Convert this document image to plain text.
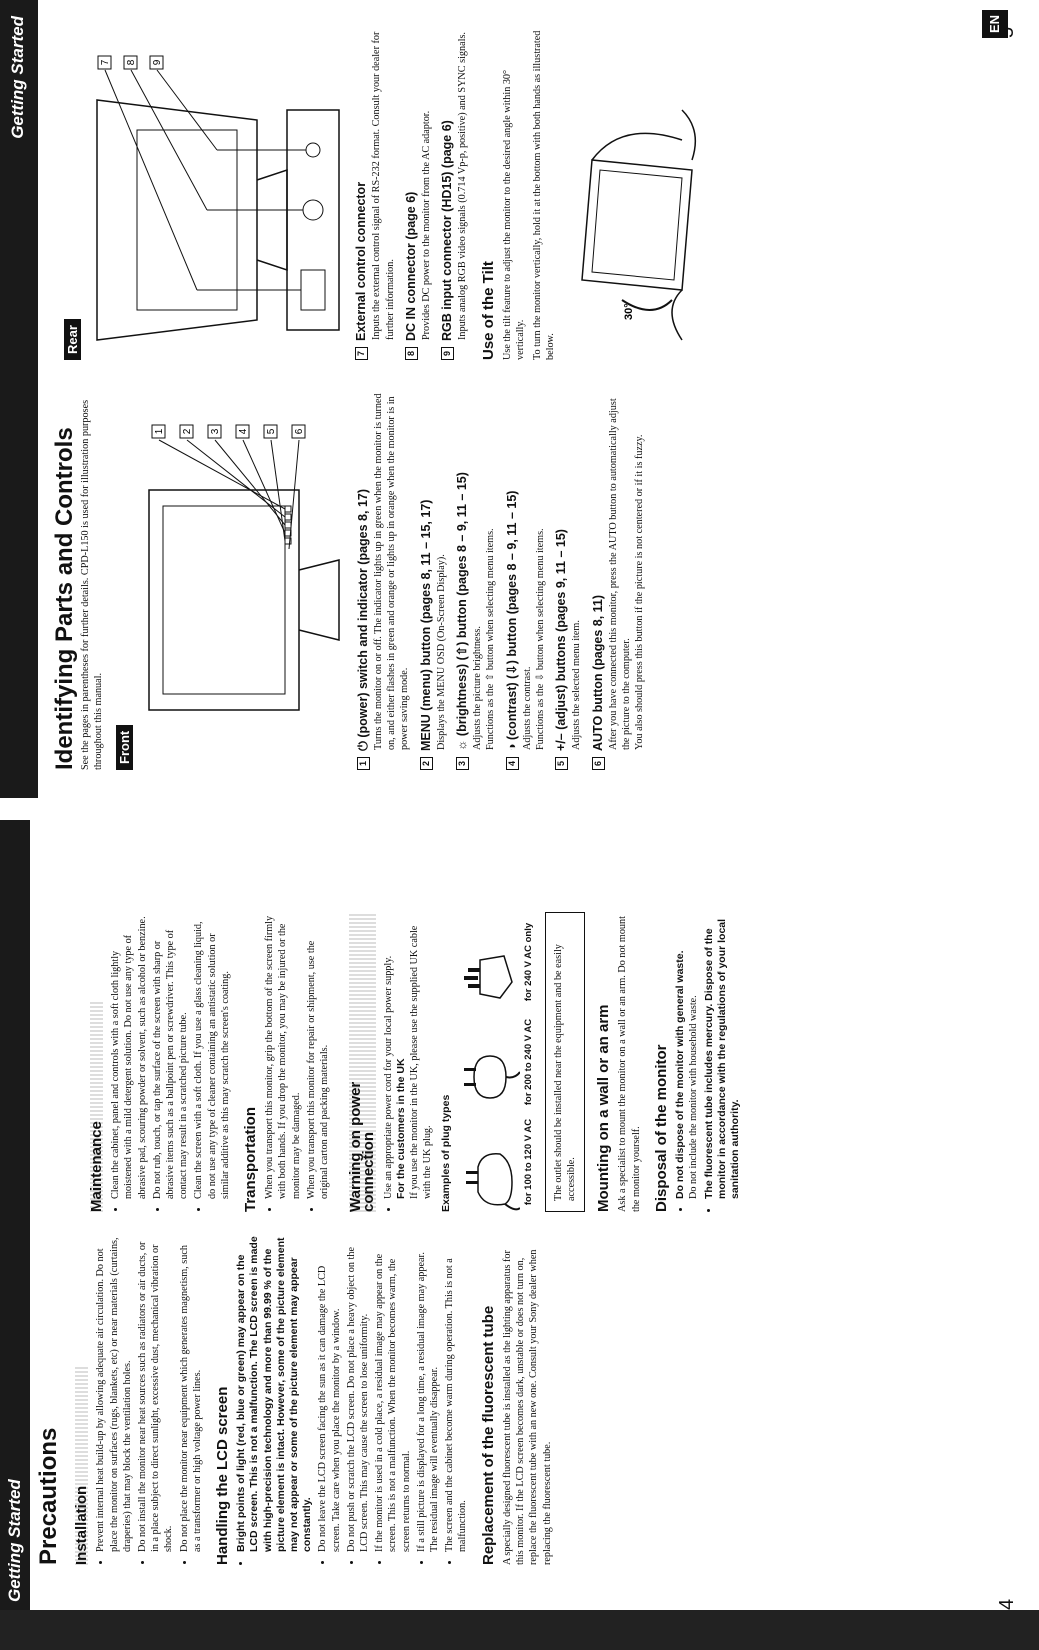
Getting Started
Getting Started	EN
4
5
Precautions Installation • Prevent internal heat build-up by allowing adequate air circulation. Do not place the monitor on surfaces (rugs, blankets, etc) or near materials (curtains, draperies) that may block the ventilation holes. • Do not install the monitor near heat sources such as radiators or air ducts, or in a place subject to direct sunlight, excessive dust, mechanical vibration or shock. • Do not place the monitor near equipment which generates magnetism, such as a transformer or high voltage power lines. Handling the LCD screen • Bright points of light (red, blue or green) may appear on the LCD screen. This is not a malfunction. The LCD screen is made with high-precision technology and more than 99.99 % of the picture element is intact. However, some of the picture element may not appear or some of the picture element may appear constantly. • Do not leave the LCD screen facing the sun as it can damage the LCD screen. Take care when you place the monitor by a window. • Do not push or scratch the LCD screen. Do not place a heavy object on the LCD screen. This may cause the screen to lose uniformity. • If the monitor is used in a cold place, a residual image may appear on the screen. This is not a malfunction. When the monitor becomes warm, the screen returns to normal. • If a still picture is displayed for a long time, a residual image may appear. The residual image will eventually disappear. • The screen and the cabinet become warm during operation. This is not a malfunction. Replacement of the fluorescent tube A specially designed fluorescent tube is installed as the lighting apparatus for this monitor. If the LCD screen becomes dark, unstable or does not turn on, replace the fluorescent tube with an new one. Consult your Sony dealer when replacing the fluorescent tube.

Maintenance • Clean the cabinet, panel and controls with a soft cloth lightly moistened with a mild detergent solution. Do not use any type of abrasive pad, scouring powder or solvent, such as alcohol or benzine. • Do not rub, touch, or tap the surface of the screen with sharp or abrasive items such as a ballpoint pen or screwdriver. This type of contact may result in a scratched picture tube. • Clean the screen with a soft cloth. If you use a glass cleaning liquid, do not use any type of cleaner containing an antistatic solution or similar additive as this may scratch the screen's coating. Transportation • When you transport this monitor, grip the bottom of the screen firmly with both hands. If you drop the monitor, you may be injured or the monitor may be damaged. • When you transport this monitor for repair or shipment, use the original carton and packing materials. Warning on power connection • Use an appropriate power cord for your local power supply.
For the customers in the UK If you use the monitor in the UK, please use the supplied UK cable with the UK plug. Examples of plug types	for 100 to 120 V AC
for 200 to 240 V AC
for 240 V AC only	The outlet should be installed near the equipment and be easily accessible.	Mounting on a wall or an arm Ask a specialist to mount the monitor on a wall or an arm. Do not mount the monitor yourself. Disposal of the monitor • Do not dispose of the monitor with general waste. Do not include the monitor with household waste. • The fluorescent tube includes mercury. Dispose of the monitor in accordance with the regulations of your local sanitation authority.
Identifying Parts and Controls See the pages in parentheses for further details. CPD-L150 is used for illustration purposes throughout this manual. Front
1 2 3 4 5 6
1⏻ (power) switch and indicator (pages 8, 17) Turns the monitor on or off. The indicator lights up in green when the monitor is turned on, and either flashes in green and orange or lights up in orange when the monitor is in power saving mode.
2MENU (menu) button (pages 8, 11 – 15, 17) Displays the MENU OSD (On-Screen Display).
3☼ (brightness) (⇧) button (pages 8 – 9, 11 – 15) Adjusts the picture brightness. Functions as the ⇧ button when selecting menu items.
4◑ (contrast) (⇩) button (pages 8 – 9, 11 – 15) Adjusts the contrast. Functions as the ⇩ button when selecting menu items.
5+/– (adjust) buttons (pages 9, 11 – 15) Adjusts the selected menu item.
6AUTO button (pages 8, 11) After you have connected this monitor, press the AUTO button to automatically adjust the picture to the computer. You also should press this button if the picture is not centered or if it is fuzzy.
Rear
7 8 9
7External control connector Inputs the external control signal of RS-232 format. Consult your dealer for further information.
8DC IN connector (page 6) Provides DC power to the monitor from the AC adaptor.
9RGB input connector (HD15) (page 6) Inputs analog RGB video signals (0.714 Vp-p, positive) and SYNC signals. Use of the Tilt Use the tilt feature to adjust the monitor to the desired angle within 30° vertically. To turn the monitor vertically, hold it at the bottom with both hands as illustrated below.

30°
